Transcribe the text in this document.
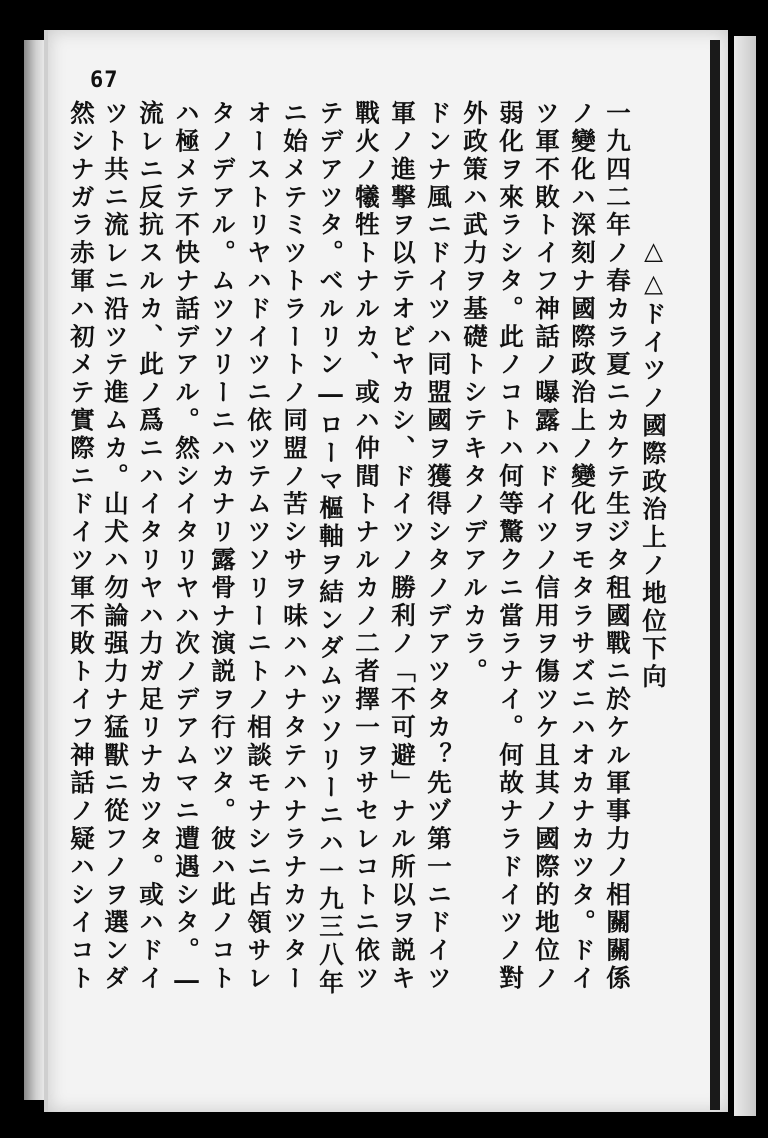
67
一九四二年ノ春カラ夏ニカケテ生ジタ租國戰ニ於ケル軍事力ノ相關關係 △△ドイツノ國際政治上ノ地位下向
ノ變化ハ深刻ナ國際政治上ノ變化ヲモタラサズニハオカナカツタ。ドイ
ツ軍不敗トイフ神話ノ曝露ハドイツノ信用ヲ傷ツケ且其ノ國際的地位ノ
弱化ヲ來ラシタ。此ノコトハ何等驚クニ當ラナイ。何故ナラドイツノ對
外政策ハ武力ヲ基礎トシテキタノデアルカラ。
ドンナ風ニドイツハ同盟國ヲ獲得シタノデアツタカ？先ヅ第一ニドイツ
軍ノ進撃ヲ以テオビヤカシ、ドイツノ勝利ノ「不可避」ナル所以ヲ説キ
戰火ノ犧牲トナルカ、或ハ仲間トナルカノ二者擇一ヲサセレコトニ依ツ
テデアツタ。ベルリン―ローマ樞軸ヲ結ンダムツソリーニハ一九三八年
ニ始メテミツトラートノ同盟ノ苦シサヲ味ハハナタテハナラナカツター
オーストリヤハドイツニ依ツテムツソリーニトノ相談モナシニ占領サレ
タノデアル。ムツソリーニハカナリ露骨ナ演説ヲ行ツタ。彼ハ此ノコト
ハ極メテ不快ナ話デアル。然シイタリヤハ次ノデアムマニ遭遇シタ。―
流レニ反抗スルカ、此ノ爲ニハイタリヤハ力ガ足リナカツタ。或ハドイ
ツト共ニ流レニ沿ツテ進ムカ。山犬ハ勿論强力ナ猛獸ニ從フノヲ選ンダ
然シナガラ赤軍ハ初メテ實際ニドイツ軍不敗トイフ神話ノ疑ハシイコト
